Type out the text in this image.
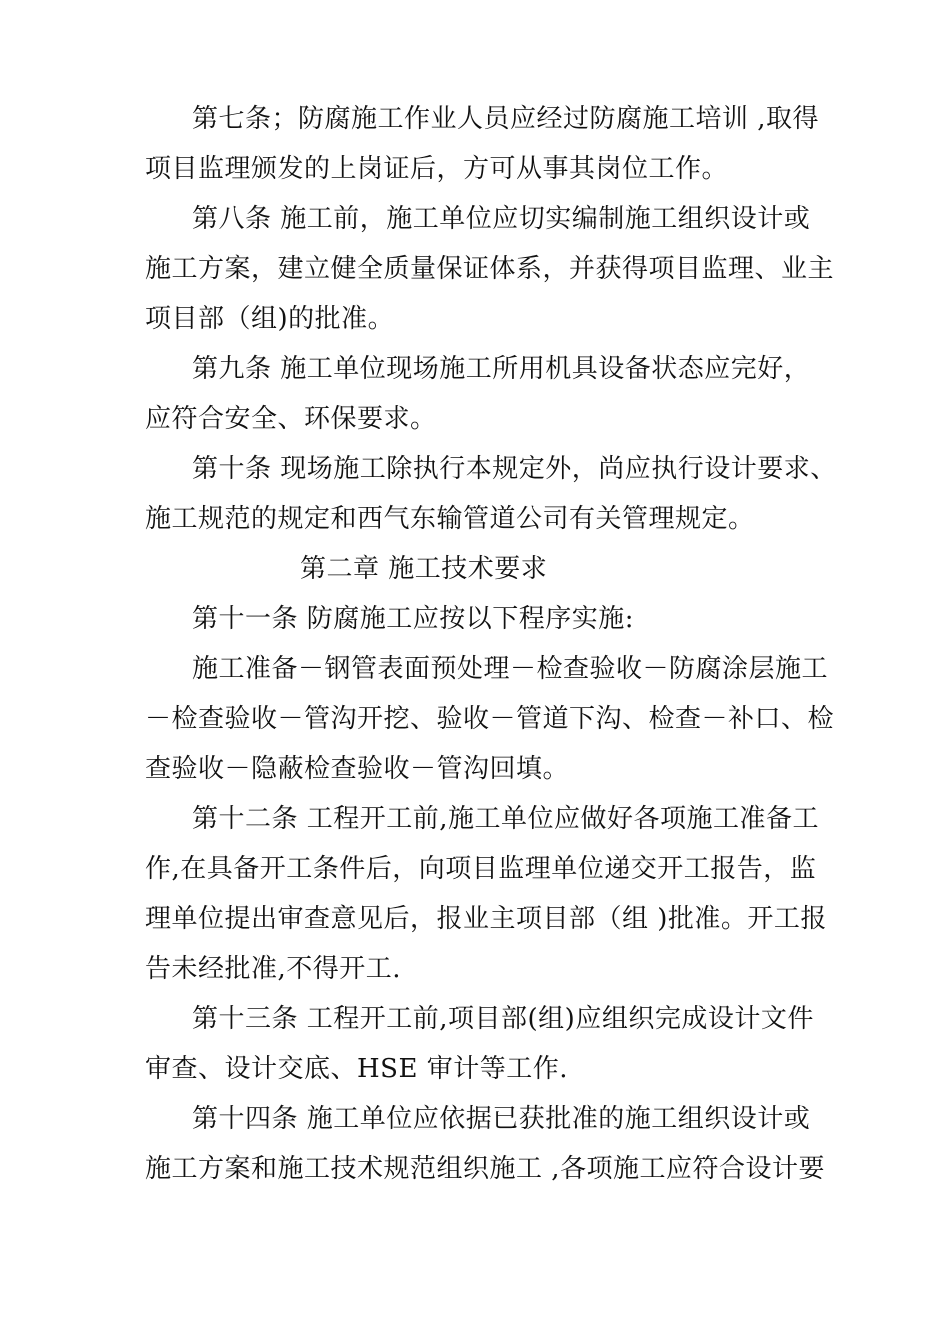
第七条；防腐施工作业人员应经过防腐施工培训 ,取得
项目监理颁发的上岗证后，方可从事其岗位工作。
第八条 施工前，施工单位应切实编制施工组织设计或
施工方案，建立健全质量保证体系，并获得项目监理、业主
项目部（组)的批准。
第九条 施工单位现场施工所用机具设备状态应完好，
应符合安全、环保要求。
第十条 现场施工除执行本规定外，尚应执行设计要求、
施工规范的规定和西气东输管道公司有关管理规定。
第二章 施工技术要求
第十一条 防腐施工应按以下程序实施:
施工准备－钢管表面预处理－检查验收－防腐涂层施工
－检查验收－管沟开挖、验收－管道下沟、检查－补口、检
查验收－隐蔽检查验收－管沟回填。
第十二条 工程开工前,施工单位应做好各项施工准备工
作,在具备开工条件后，向项目监理单位递交开工报告，监
理单位提出审查意见后，报业主项目部（组 )批准。开工报
告未经批准,不得开工.
第十三条 工程开工前,项目部(组)应组织完成设计文件
审查、设计交底、HSE 审计等工作.
第十四条 施工单位应依据已获批准的施工组织设计或
施工方案和施工技术规范组织施工 ,各项施工应符合设计要
